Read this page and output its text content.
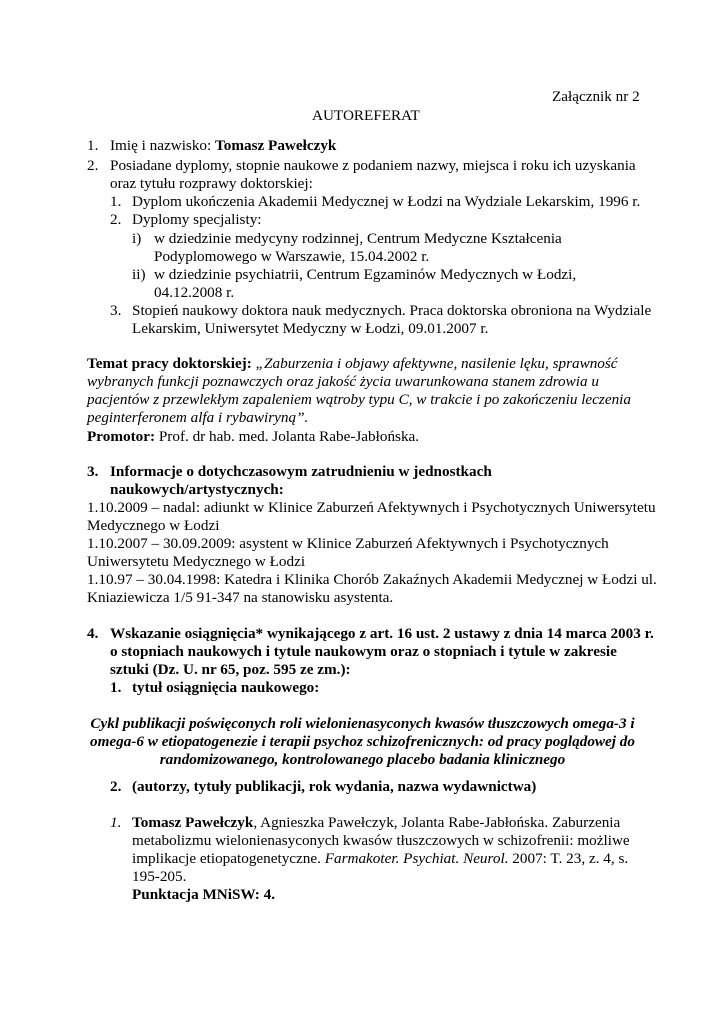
Załącznik nr 2
AUTOREFERAT
1. Imię i nazwisko: Tomasz Pawełczyk
2. Posiadane dyplomy, stopnie naukowe z podaniem nazwy, miejsca i roku ich uzyskania
oraz tytułu rozprawy doktorskiej:
1. Dyplom ukończenia Akademii Medycznej w Łodzi na Wydziale Lekarskim, 1996 r.
2. Dyplomy specjalisty:
i) w dziedzinie medycyny rodzinnej, Centrum Medyczne Kształcenia
Podyplomowego w Warszawie, 15.04.2002 r.
ii) w dziedzinie psychiatrii, Centrum Egzaminów Medycznych w Łodzi,
04.12.2008 r.
3. Stopień naukowy doktora nauk medycznych. Praca doktorska obroniona na Wydziale
Lekarskim, Uniwersytet Medyczny w Łodzi, 09.01.2007 r.
Temat pracy doktorskiej: „Zaburzenia i objawy afektywne, nasilenie lęku, sprawność
wybranych funkcji poznawczych oraz jakość życia uwarunkowana stanem zdrowia u
pacjentów z przewlekłym zapaleniem wątroby typu C, w trakcie i po zakończeniu leczenia
peginterferonem alfa i rybawiryną”.
Promotor: Prof. dr hab. med. Jolanta Rabe-Jabłońska.
3. Informacje o dotychczasowym zatrudnieniu w jednostkach
naukowych/artystycznych:
1.10.2009 – nadal: adiunkt w Klinice Zaburzeń Afektywnych i Psychotycznych Uniwersytetu
Medycznego w Łodzi
1.10.2007 – 30.09.2009: asystent w Klinice Zaburzeń Afektywnych i Psychotycznych
Uniwersytetu Medycznego w Łodzi
1.10.97 – 30.04.1998: Katedra i Klinika Chorób Zakaźnych Akademii Medycznej w Łodzi ul.
Kniaziewicza 1/5 91-347 na stanowisku asystenta.
4. Wskazanie osiągnięcia* wynikającego z art. 16 ust. 2 ustawy z dnia 14 marca 2003 r.
o stopniach naukowych i tytule naukowym oraz o stopniach i tytule w zakresie
sztuki (Dz. U. nr 65, poz. 595 ze zm.):
1. tytuł osiągnięcia naukowego:
Cykl publikacji poświęconych roli wielonienasyconych kwasów tłuszczowych omega-3 i
omega-6 w etiopatogenezie i terapii psychoz schizofrenicznych: od pracy poglądowej do
randomizowanego, kontrolowanego placebo badania klinicznego
2. (autorzy, tytuły publikacji, rok wydania, nazwa wydawnictwa)
1. Tomasz Pawełczyk, Agnieszka Pawełczyk, Jolanta Rabe-Jabłońska. Zaburzenia
metabolizmu wielonienasyconych kwasów tłuszczowych w schizofrenii: możliwe
implikacje etiopatogenetyczne. Farmakoter. Psychiat. Neurol. 2007: T. 23, z. 4, s.
195-205.
Punktacja MNiSW: 4.
